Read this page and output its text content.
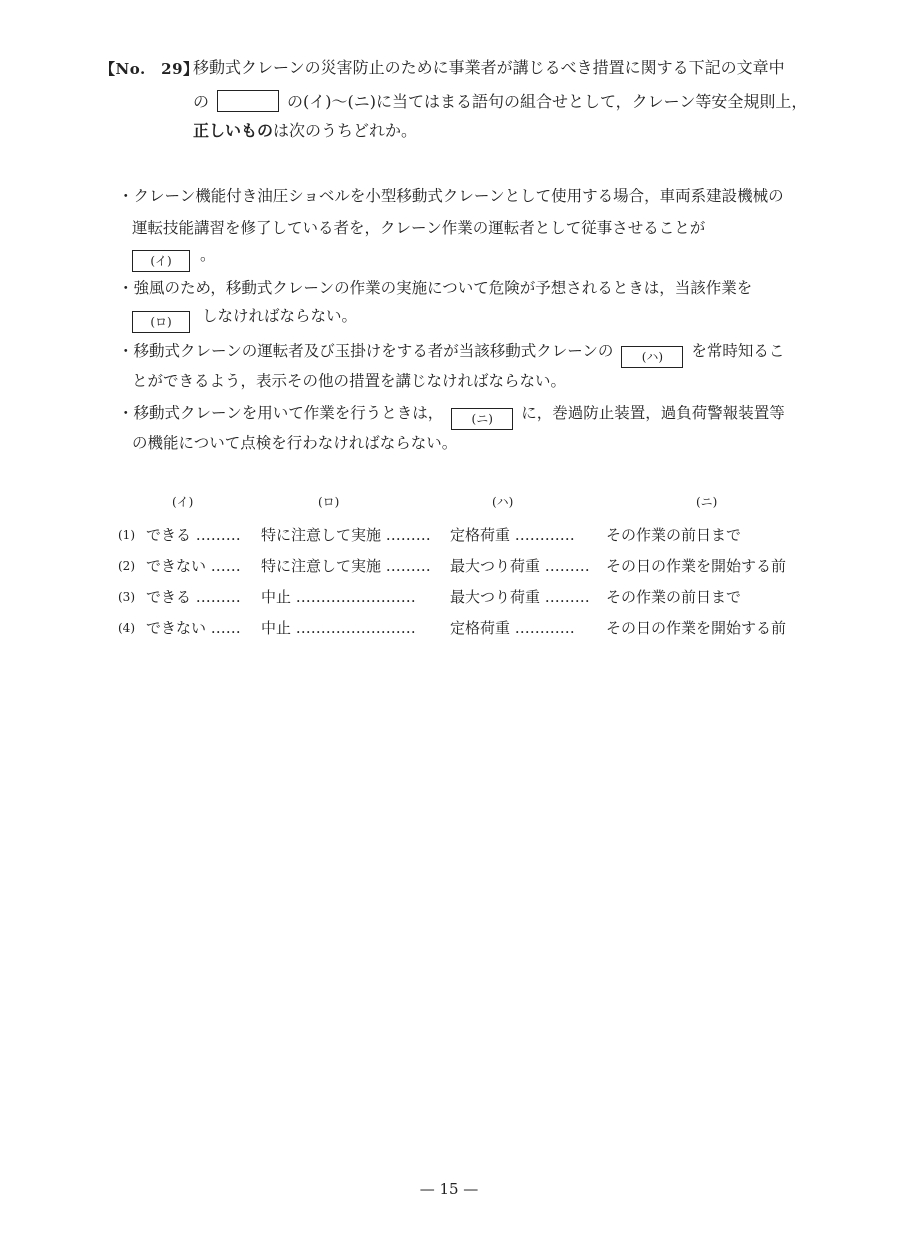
【No.　29】
移動式クレーンの災害防止のために事業者が講じるべき措置に関する下記の文章中
の	の(イ)～(ニ)に当てはまる語句の組合せとして，クレーン等安全規則上，
正しいものは次のうちどれか。
・クレーン機能付き油圧ショベルを小型移動式クレーンとして使用する場合，車両系建設機械の
運転技能講習を修了している者を，クレーン作業の運転者として従事させることが
(イ) 。
・強風のため，移動式クレーンの作業の実施について危険が予想されるときは，当該作業を
(ロ) しなければならない。
・移動式クレーンの運転者及び玉掛けをする者が当該移動式クレーンの (ハ) を常時知るこ
とができるよう，表示その他の措置を講じなければならない。
・移動式クレーンを用いて作業を行うときは， (ニ) に，巻過防止装置，過負荷警報装置等
の機能について点検を行わなければならない。
(イ)	(ロ)	(ハ)	(ニ)
(1) できる ……… 特に注意して実施 ……… 定格荷重 ………… その作業の前日まで
(2) できない …… 特に注意して実施 ……… 最大つり荷重 ……… その日の作業を開始する前
(3) できる ……… 中止 …………………… 最大つり荷重 ……… その作業の前日まで
(4) できない …… 中止 …………………… 定格荷重 ………… その日の作業を開始する前
— 15 —
